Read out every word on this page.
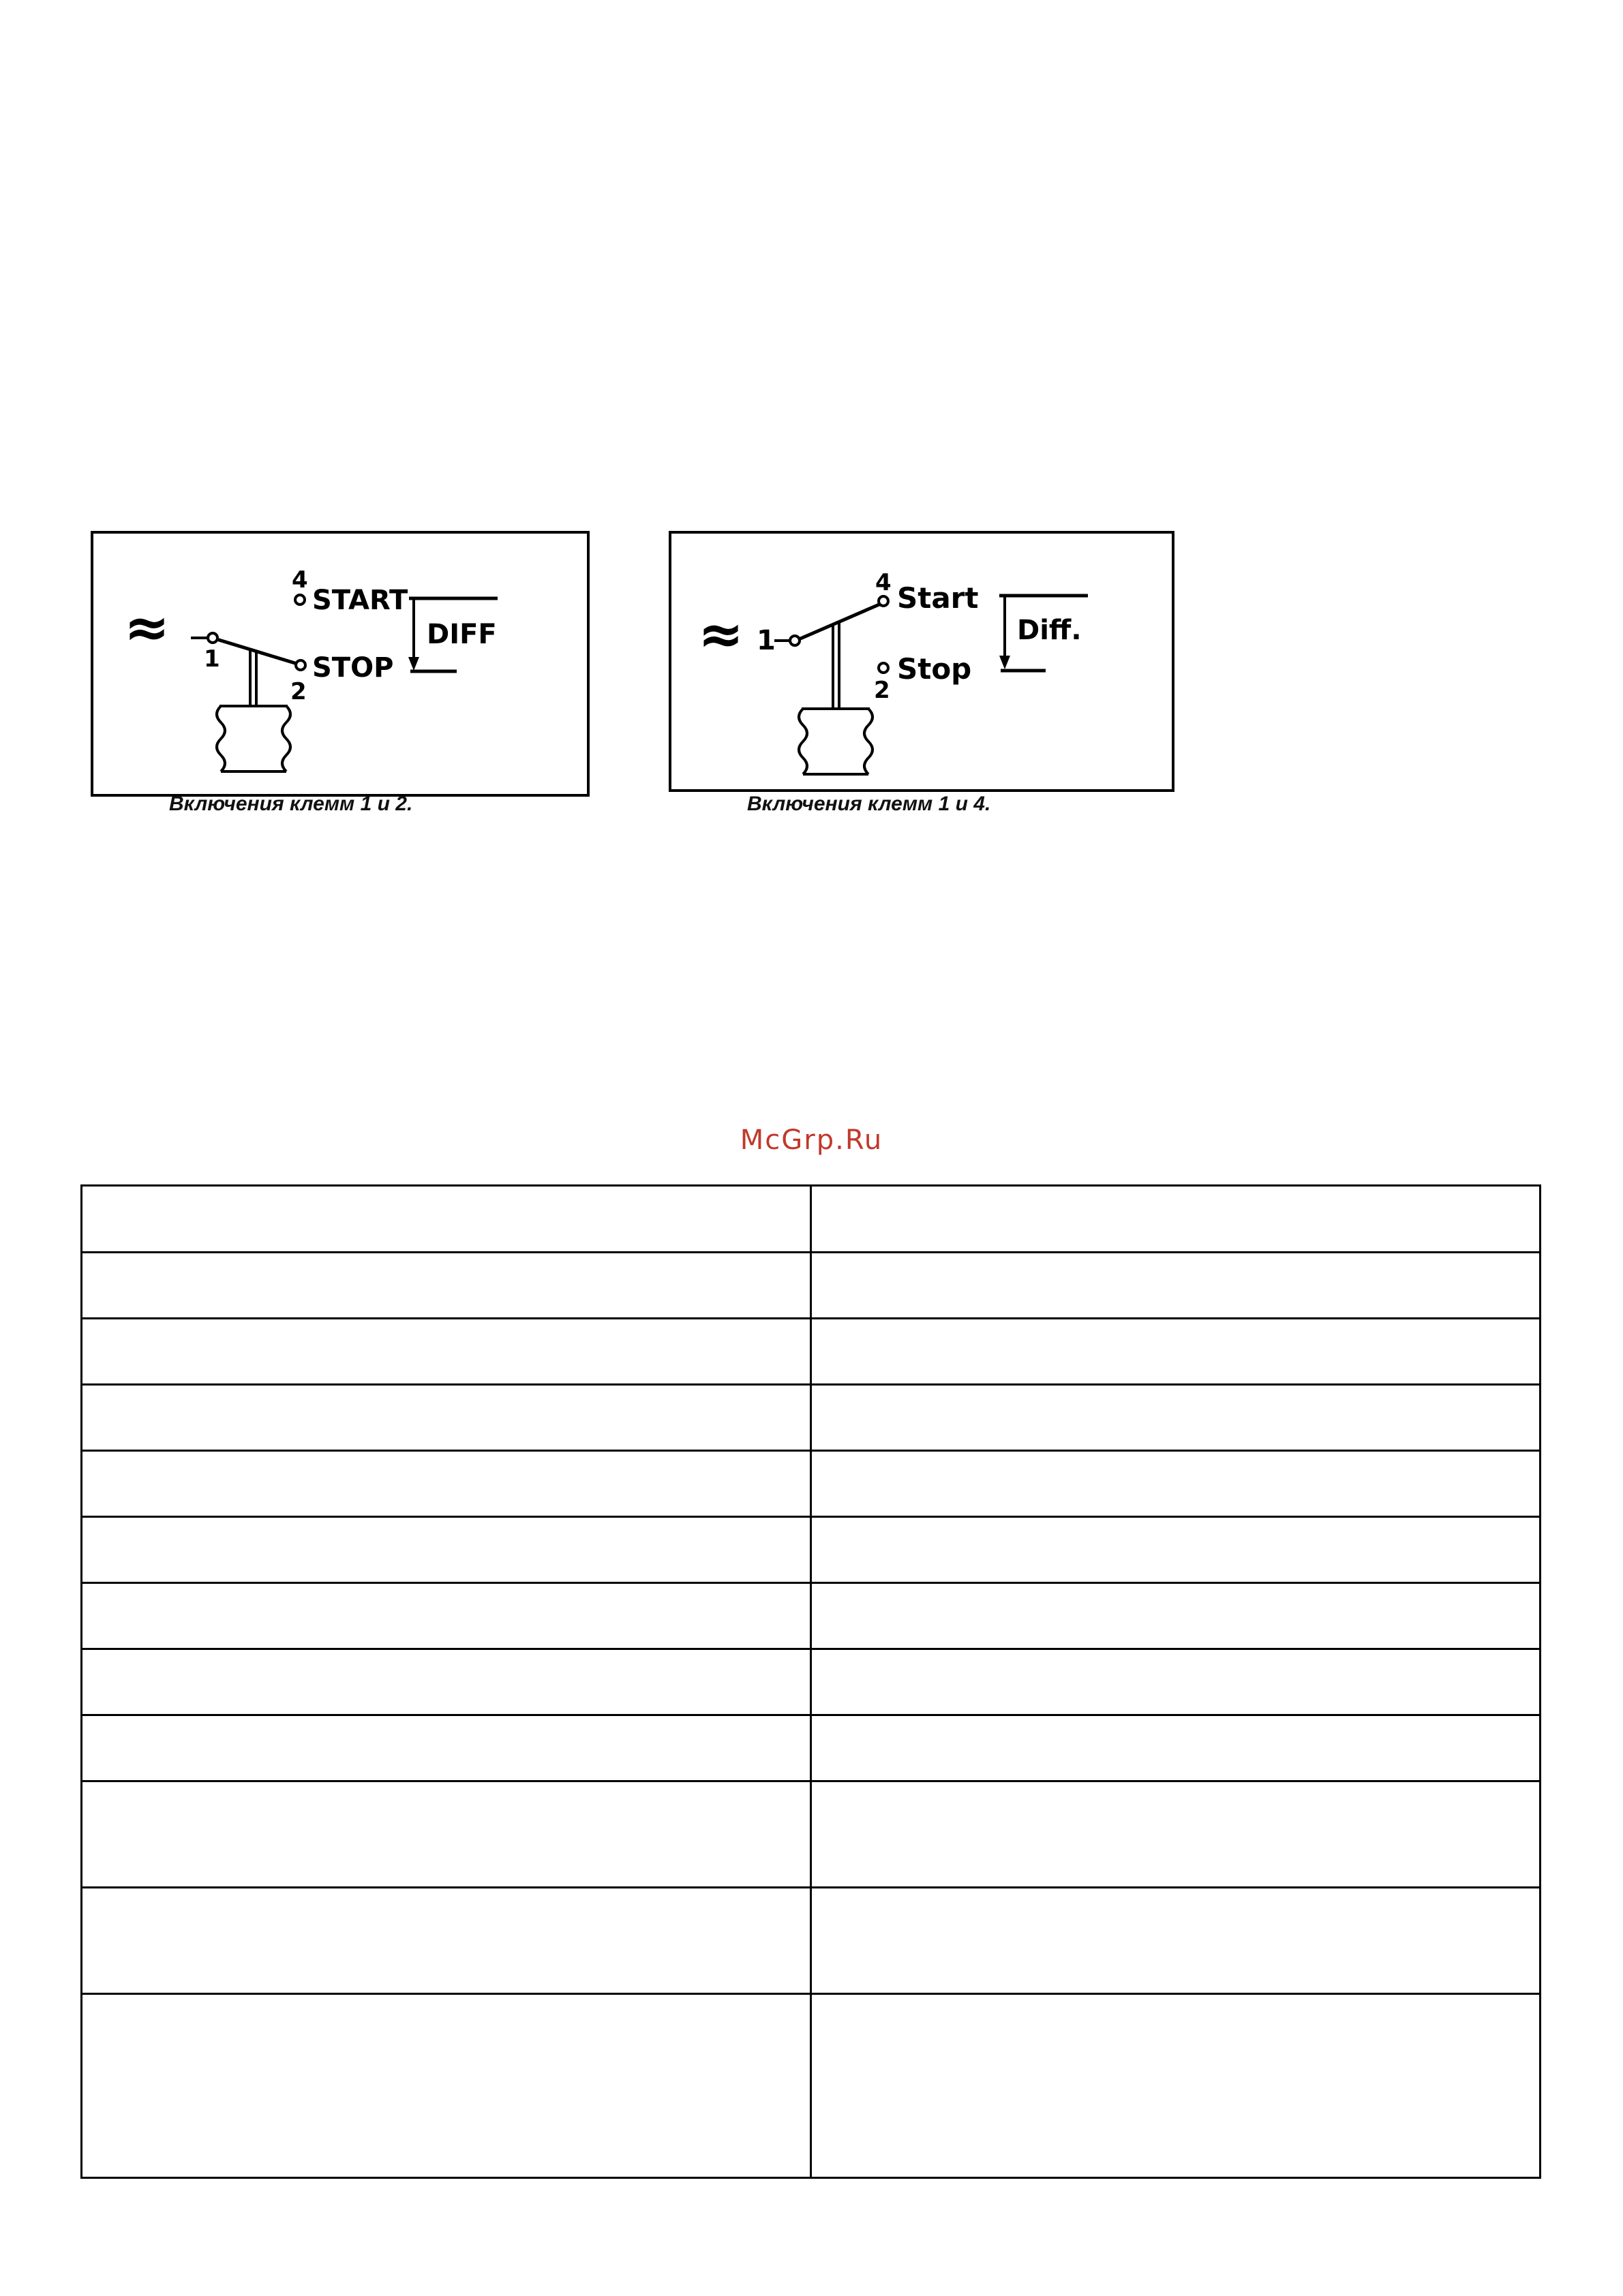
≈
4
1
2
START
STOP
DIFF
Включения клемм 1 и 2.
≈ 1
4
2
Start
Stop
Diff.
Включения клемм 1 и 4.
McGrp.Ru
